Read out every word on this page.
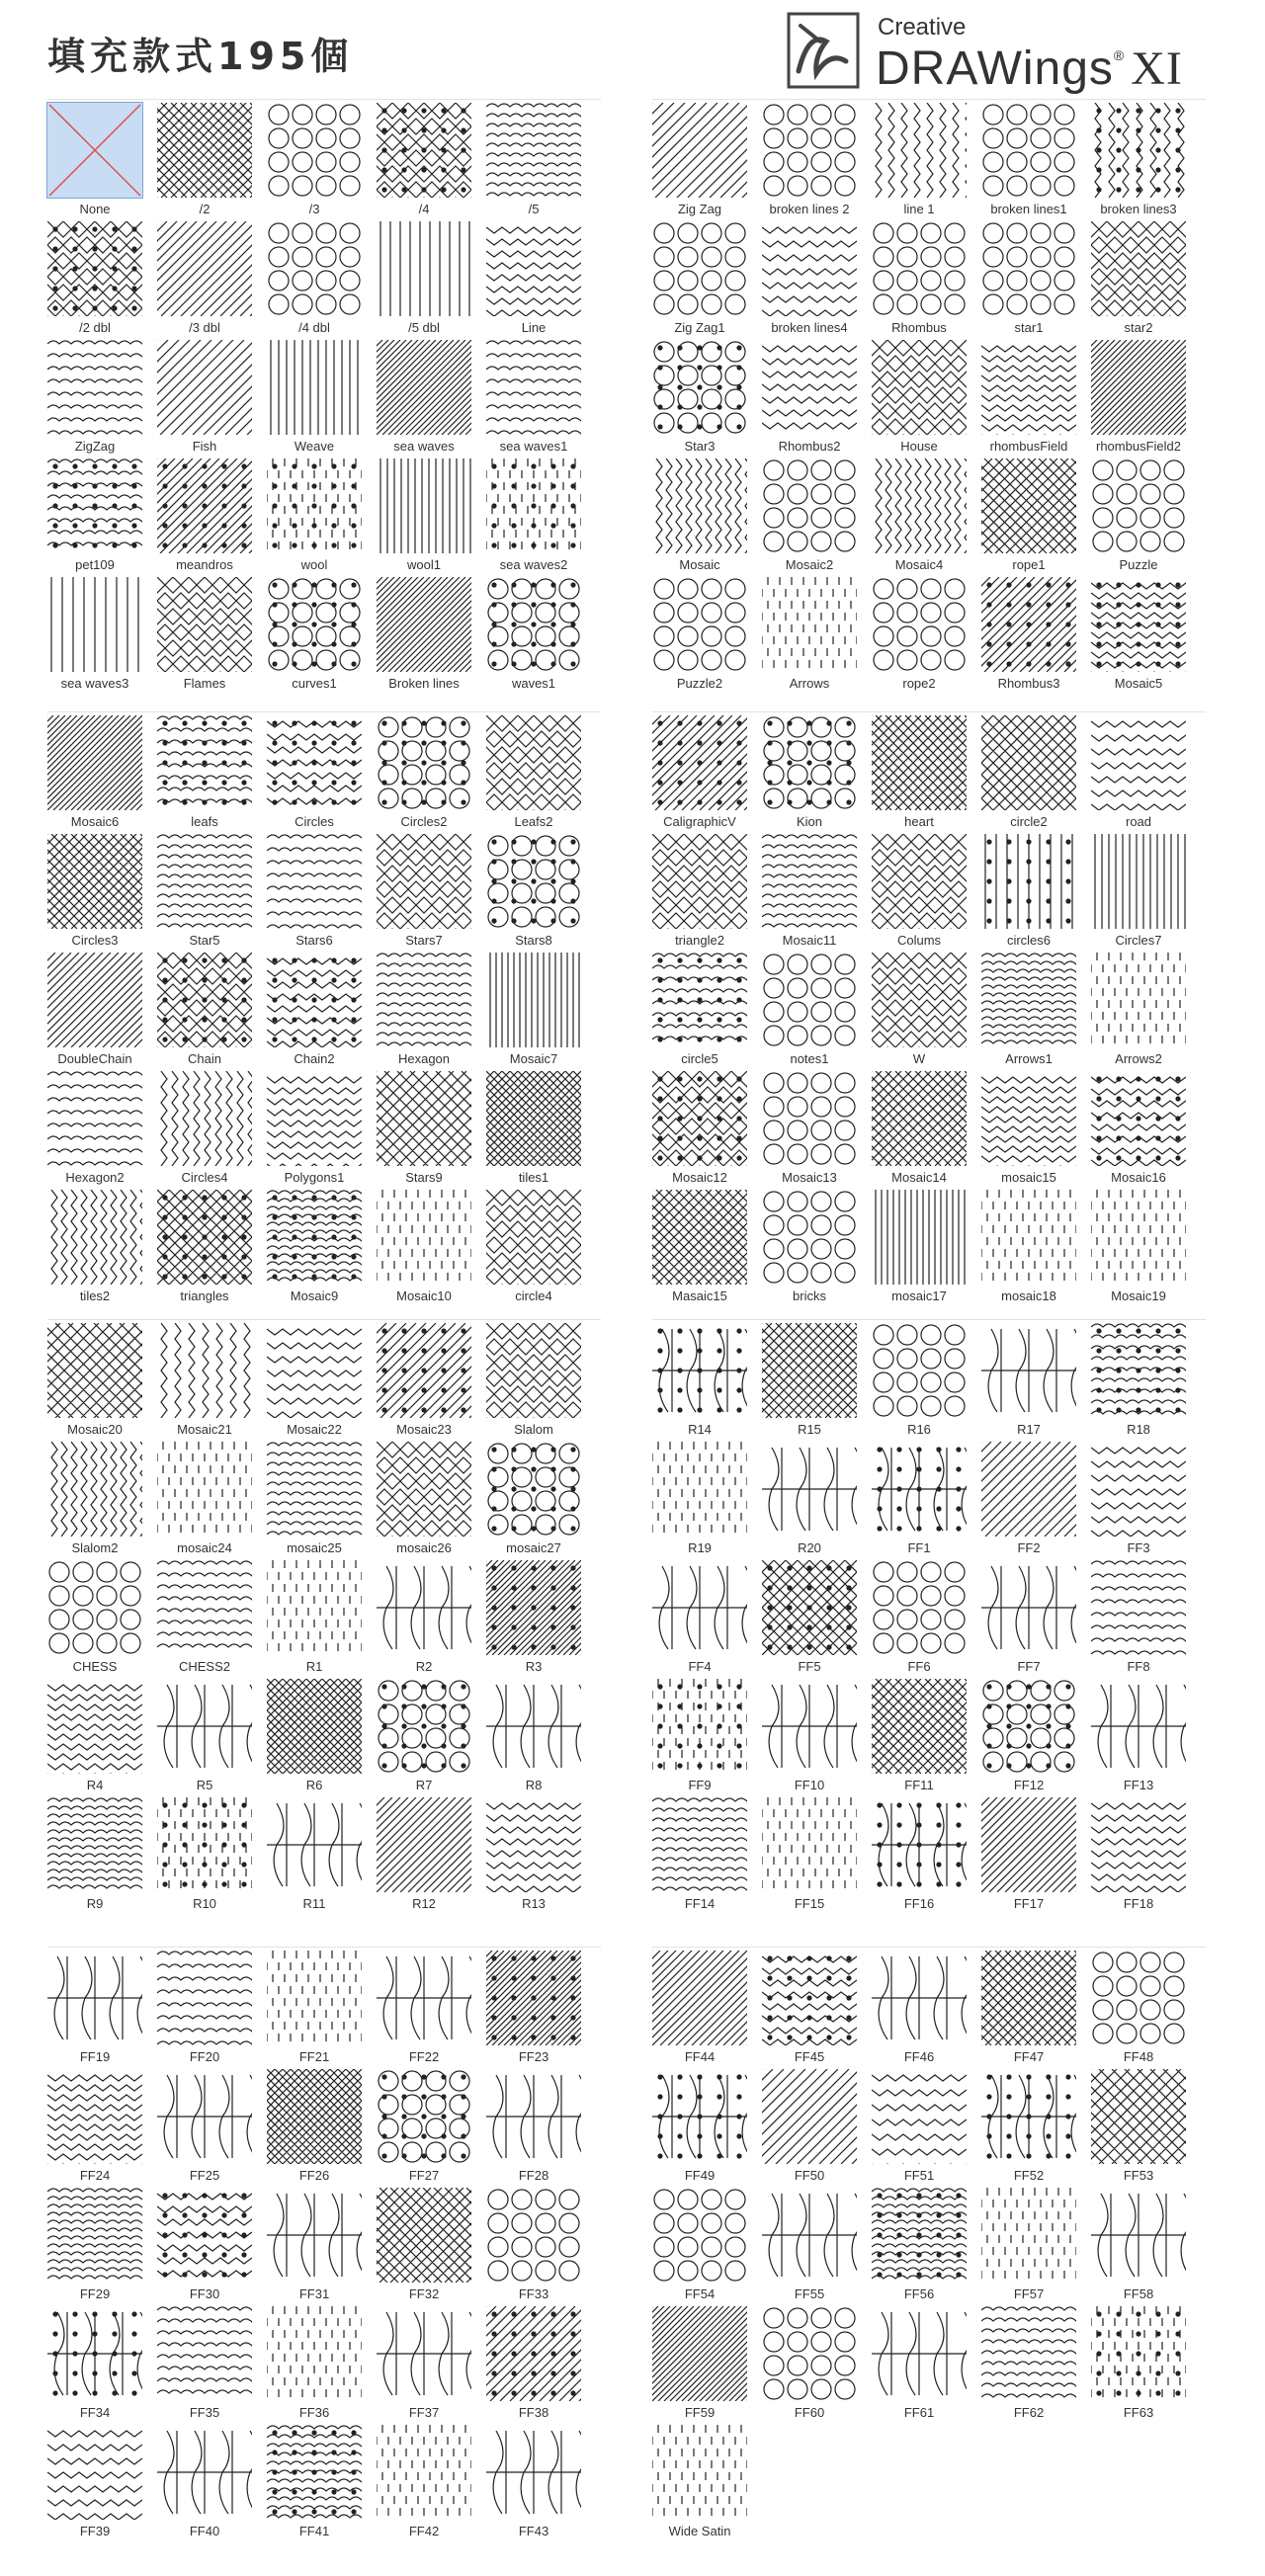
填充款式195個
Creative
DRAWings® XI
None	/2	/3	/4	/5
/2 dbl	/3 dbl	/4 dbl	/5 dbl	Line
ZigZag	Fish	Weave	sea waves	sea waves1
pet109	meandros	wool	wool1	sea waves2
sea waves3	Flames	curves1	Broken lines	waves1
Zig Zag	broken lines 2	line 1	broken lines1	broken lines3
Zig Zag1	broken lines4	Rhombus	star1	star2
Star3	Rhombus2	House	rhombusField	rhombusField2
Mosaic	Mosaic2	Mosaic4	rope1	Puzzle
Puzzle2	Arrows	rope2	Rhombus3	Mosaic5
Mosaic6	leafs	Circles	Circles2	Leafs2
Circles3	Star5	Stars6	Stars7	Stars8
DoubleChain	Chain	Chain2	Hexagon	Mosaic7
Hexagon2	Circles4	Polygons1	Stars9	tiles1
tiles2	triangles	Mosaic9	Mosaic10	circle4
CaligraphicV	Kion	heart	circle2	road
triangle2	Mosaic11	Colums	circles6	Circles7
circle5	notes1	W	Arrows1	Arrows2
Mosaic12	Mosaic13	Mosaic14	mosaic15	Mosaic16
Masaic15	bricks	mosaic17	mosaic18	Mosaic19
Mosaic20	Mosaic21	Mosaic22	Mosaic23	Slalom
Slalom2	mosaic24	mosaic25	mosaic26	mosaic27
CHESS	CHESS2	R1	R2	R3
R4	R5	R6	R7	R8
R9	R10	R11	R12	R13
R14	R15	R16	R17	R18
R19	R20	FF1	FF2	FF3
FF4	FF5	FF6	FF7	FF8
FF9	FF10	FF11	FF12	FF13
FF14	FF15	FF16	FF17	FF18
FF19	FF20	FF21	FF22	FF23
FF24	FF25	FF26	FF27	FF28
FF29	FF30	FF31	FF32	FF33
FF34	FF35	FF36	FF37	FF38
FF39	FF40	FF41	FF42	FF43
FF44	FF45	FF46	FF47	FF48
FF49	FF50	FF51	FF52	FF53
FF54	FF55	FF56	FF57	FF58
FF59	FF60	FF61	FF62	FF63
Wide Satin
